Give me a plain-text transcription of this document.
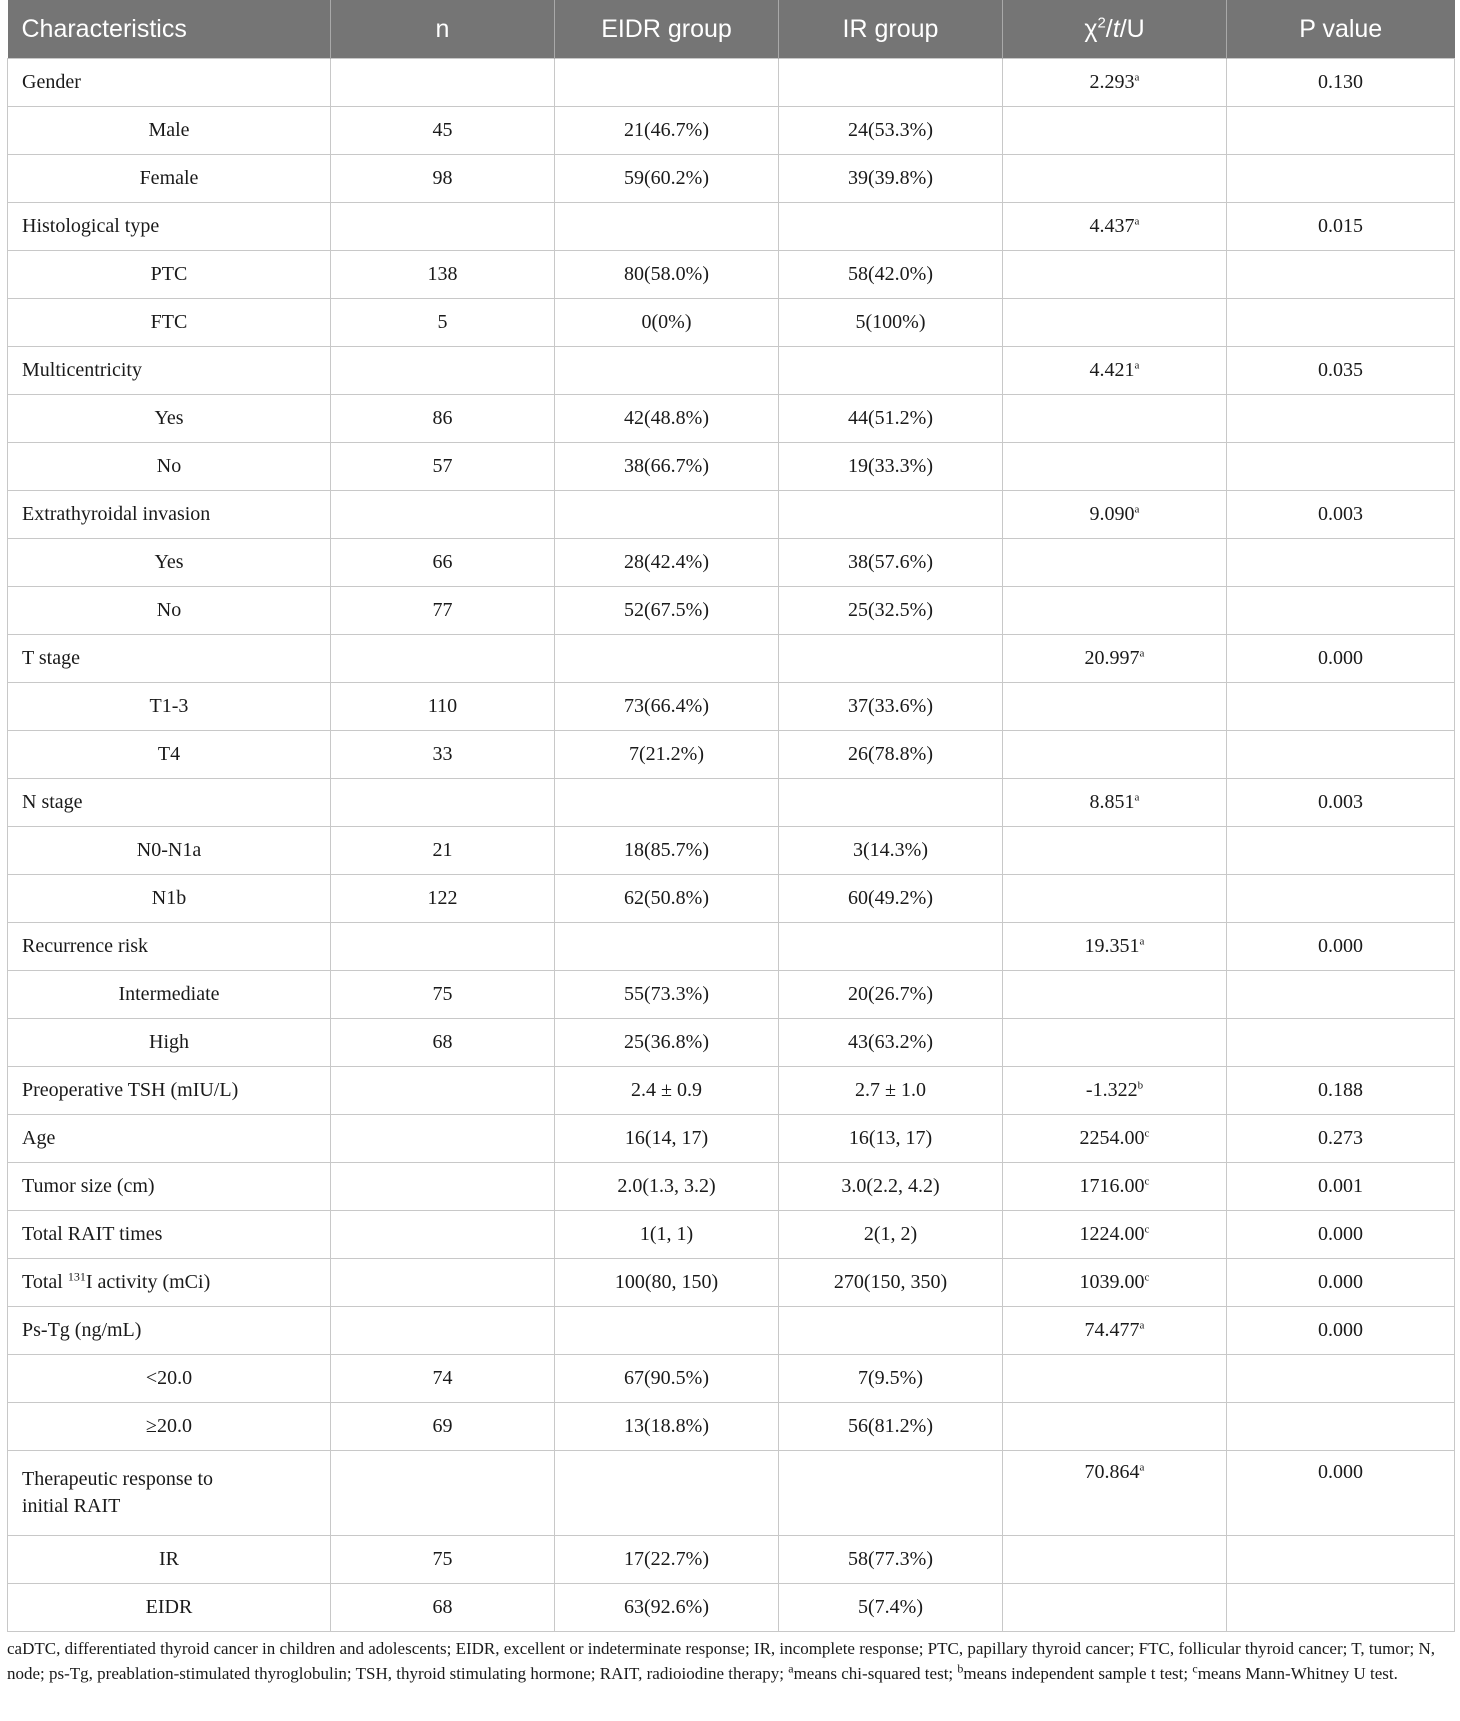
Characteristics	n	EIDR group	IR group	$\chi^2/t/U$	P value
Gender				2.293$^a$	0.130
Male	45	21(46.7%)	24(53.3%)		
Female	98	59(60.2%)	39(39.8%)		
Histological type				4.437$^a$	0.015
PTC	138	80(58.0%)	58(42.0%)		
FTC	5	0(0%)	5(100%)		
Multicentricity				4.421$^a$	0.035
Yes	86	42(48.8%)	44(51.2%)		
No	57	38(66.7%)	19(33.3%)		
Extrathyroidal invasion				9.090$^a$	0.003
Yes	66	28(42.4%)	38(57.6%)		
No	77	52(67.5%)	25(32.5%)		
T stage				20.997$^a$	0.000
T1-3	110	73(66.4%)	37(33.6%)		
T4	33	7(21.2%)	26(78.8%)		
N stage				8.851$^a$	0.003
N0-N1a	21	18(85.7%)	3(14.3%)		
N1b	122	62(50.8%)	60(49.2%)		
Recurrence risk				19.351$^a$	0.000
Intermediate	75	55(73.3%)	20(26.7%)		
High	68	25(36.8%)	43(63.2%)		
Preoperative TSH (mIU/L)		2.4 ± 0.9	2.7 ± 1.0	-1.322$^b$	0.188
Age		16(14, 17)	16(13, 17)	2254.00$^c$	0.273
Tumor size (cm)		2.0(1.3, 3.2)	3.0(2.2, 4.2)	1716.00$^c$	0.001
Total RAIT times		1(1, 1)	2(1, 2)	1224.00$^c$	0.000
Total $^{131}$I activity (mCi)		100(80, 150)	270(150, 350)	1039.00$^c$	0.000
Ps-Tg (ng/mL)				74.477$^a$	0.000
<20.0	74	67(90.5%)	7(9.5%)		
≥20.0	69	13(18.8%)	56(81.2%)		
Therapeutic response to
initial RAIT				70.864$^a$	0.000
IR	75	17(22.7%)	58(77.3%)		
EIDR	68	63(92.6%)	5(7.4%)		
caDTC, differentiated thyroid cancer in children and adolescents; EIDR, excellent or indeterminate response; IR, incomplete response; PTC, papillary thyroid cancer; FTC, follicular thyroid cancer; T, tumor; N, node; ps-Tg, preablation-stimulated thyroglobulin; TSH, thyroid stimulating hormone; RAIT, radioiodine therapy; $^a$means chi-squared test; $^b$means independent sample t test; $^c$means Mann-Whitney U test.
